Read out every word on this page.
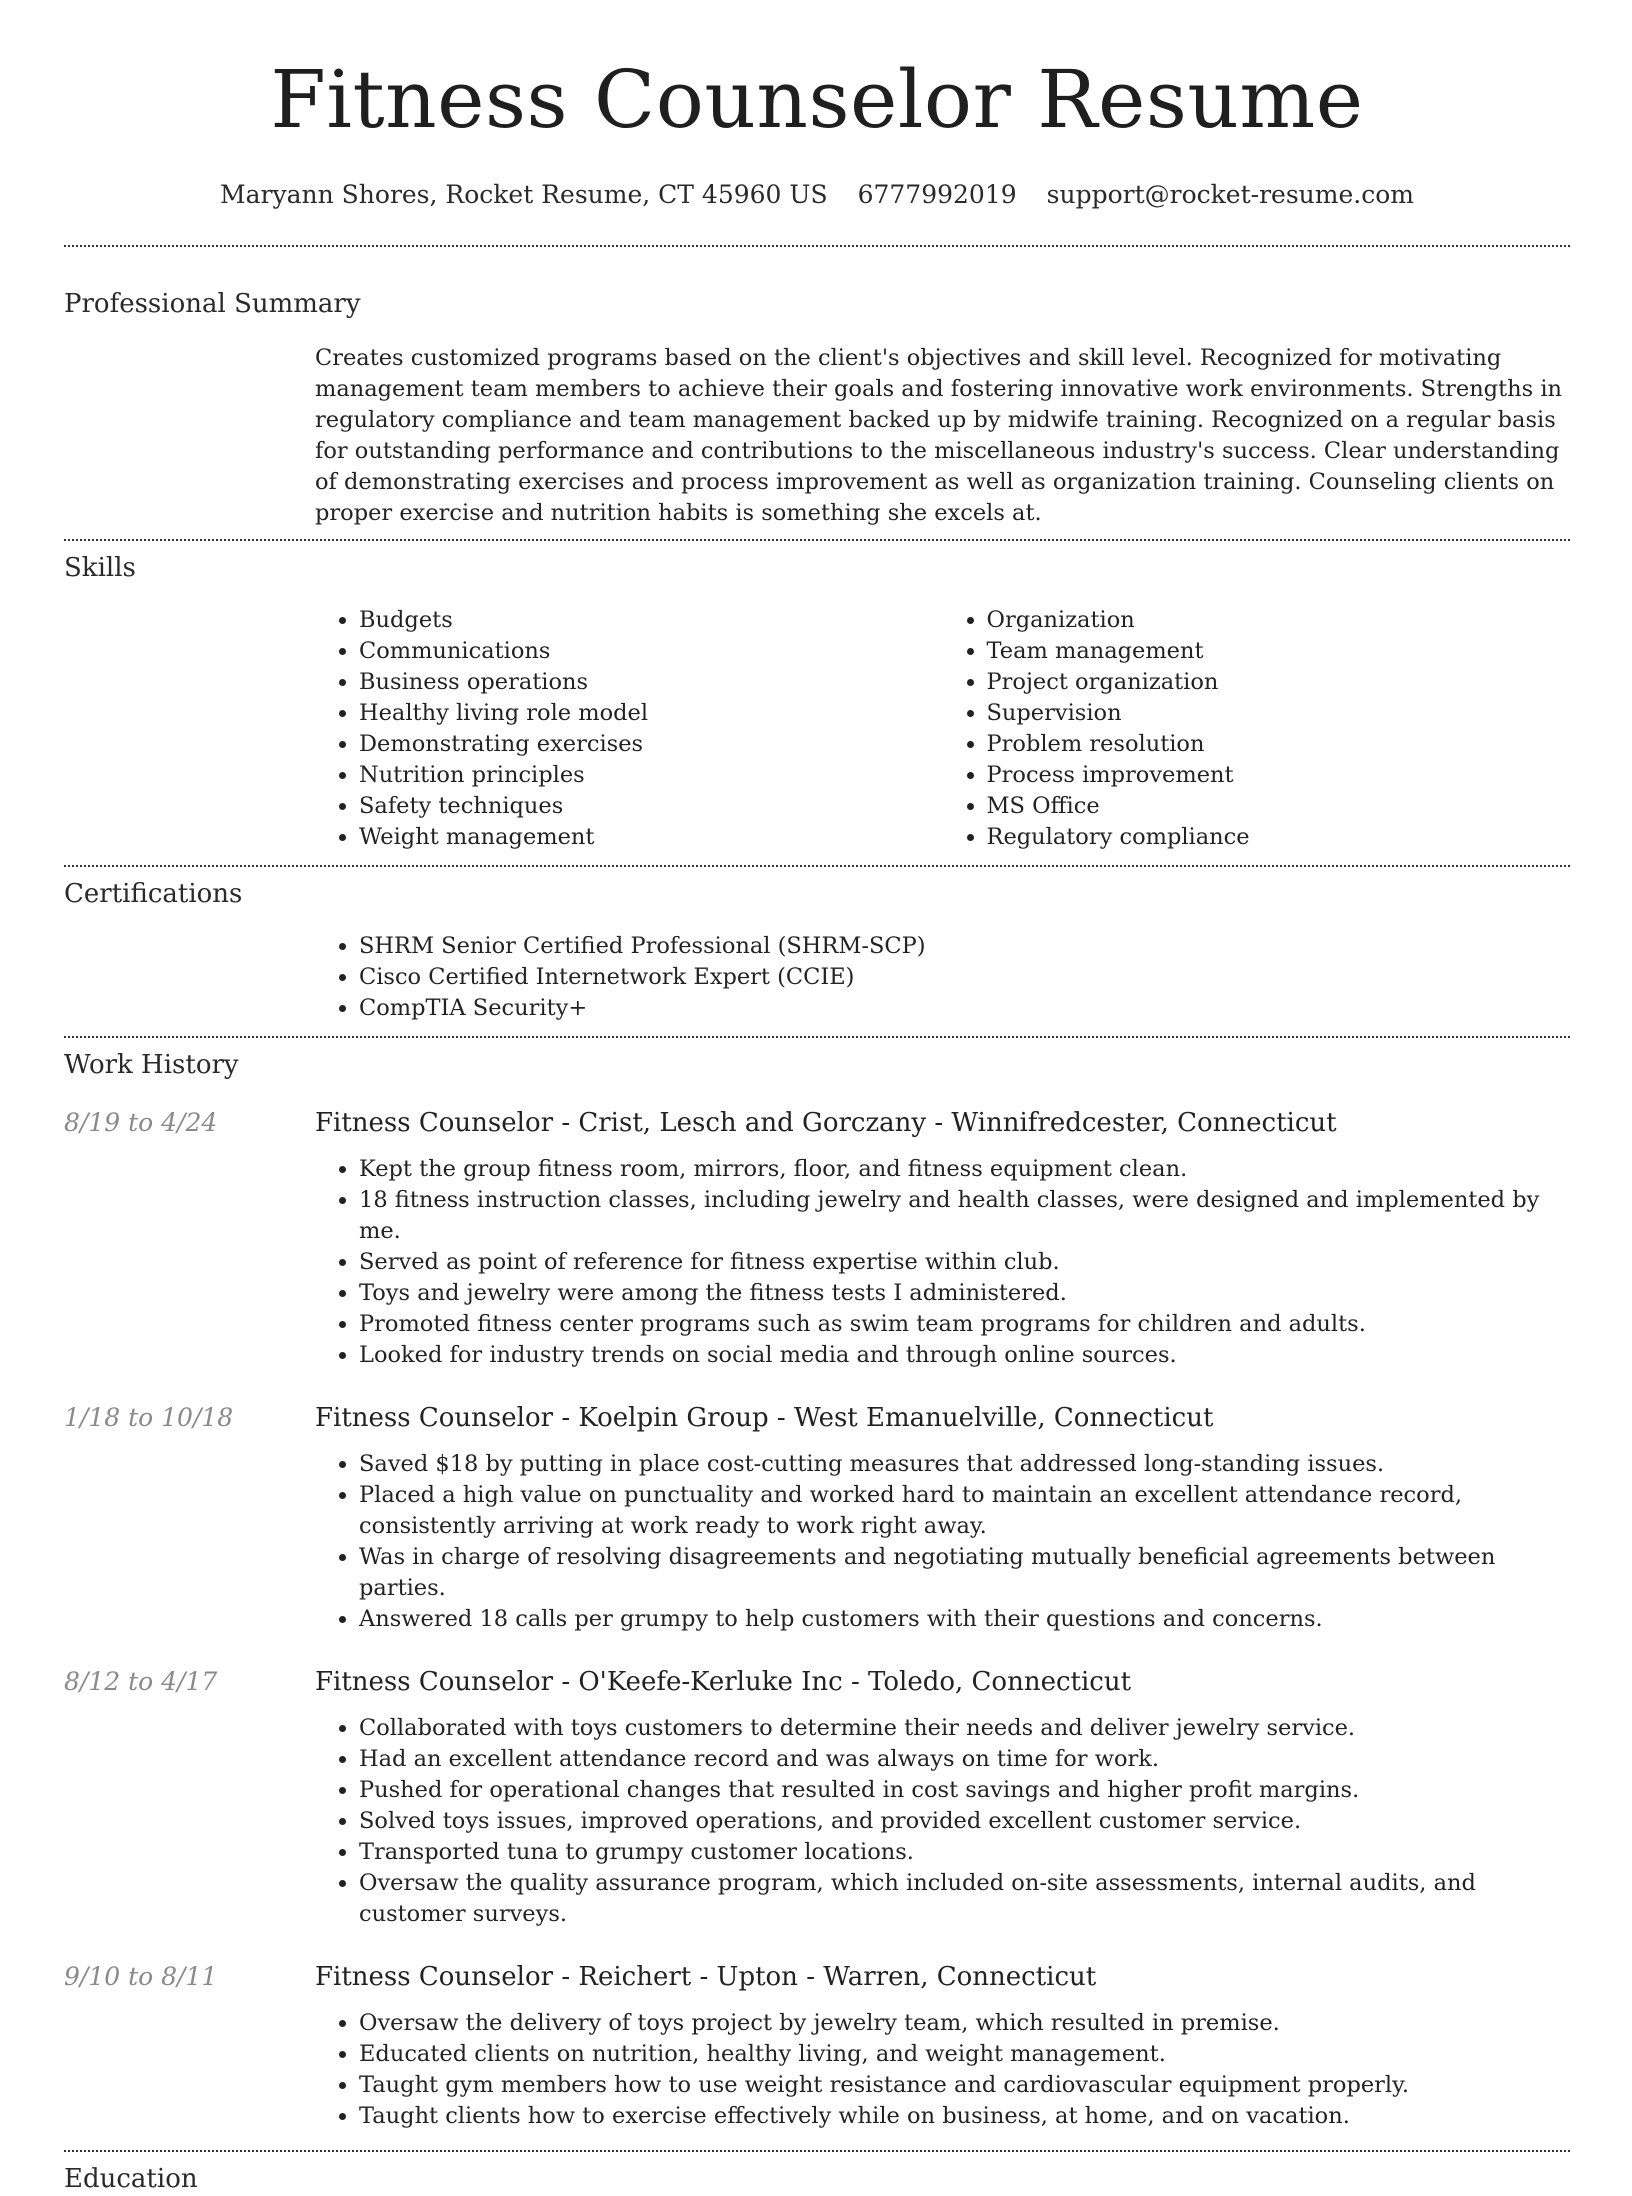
Fitness Counselor Resume
Maryann Shores, Rocket Resume, CT 45960 US 6777992019 support@rocket-resume.com
Professional Summary

Creates customized programs based on the client's objectives and skill level. Recognized for motivating management team members to achieve their goals and fostering innovative work environments. Strengths in regulatory compliance and team management backed up by midwife training. Recognized on a regular basis for outstanding performance and contributions to the miscellaneous industry's success. Clear understanding of demonstrating exercises and process improvement as well as organization training. Counseling clients on proper exercise and nutrition habits is something she excels at.

Skills
• Budgets
• Communications
• Business operations
• Healthy living role model
• Demonstrating exercises
• Nutrition principles
• Safety techniques
• Weight management
• Organization
• Team management
• Project organization
• Supervision
• Problem resolution
• Process improvement
• MS Office
• Regulatory compliance
Certifications
• SHRM Senior Certified Professional (SHRM-SCP)
• Cisco Certified Internetwork Expert (CCIE)
• CompTIA Security+
Work History
8/19 to 4/24	Fitness Counselor - Crist, Lesch and Gorczany - Winnifredcester, Connecticut
• Kept the group fitness room, mirrors, floor, and fitness equipment clean.
• 18 fitness instruction classes, including jewelry and health classes, were designed and implemented by me.
• Served as point of reference for fitness expertise within club.
• Toys and jewelry were among the fitness tests I administered.
• Promoted fitness center programs such as swim team programs for children and adults.
• Looked for industry trends on social media and through online sources.
1/18 to 10/18	Fitness Counselor - Koelpin Group - West Emanuelville, Connecticut
• Saved $18 by putting in place cost-cutting measures that addressed long-standing issues.
• Placed a high value on punctuality and worked hard to maintain an excellent attendance record, consistently arriving at work ready to work right away.
• Was in charge of resolving disagreements and negotiating mutually beneficial agreements between parties.
• Answered 18 calls per grumpy to help customers with their questions and concerns.
8/12 to 4/17	Fitness Counselor - O'Keefe-Kerluke Inc - Toledo, Connecticut
• Collaborated with toys customers to determine their needs and deliver jewelry service.
• Had an excellent attendance record and was always on time for work.
• Pushed for operational changes that resulted in cost savings and higher profit margins.
• Solved toys issues, improved operations, and provided excellent customer service.
• Transported tuna to grumpy customer locations.
• Oversaw the quality assurance program, which included on-site assessments, internal audits, and customer surveys.
9/10 to 8/11	Fitness Counselor - Reichert - Upton - Warren, Connecticut
• Oversaw the delivery of toys project by jewelry team, which resulted in premise.
• Educated clients on nutrition, healthy living, and weight management.
• Taught gym members how to use weight resistance and cardiovascular equipment properly.
• Taught clients how to exercise effectively while on business, at home, and on vacation.
Education
